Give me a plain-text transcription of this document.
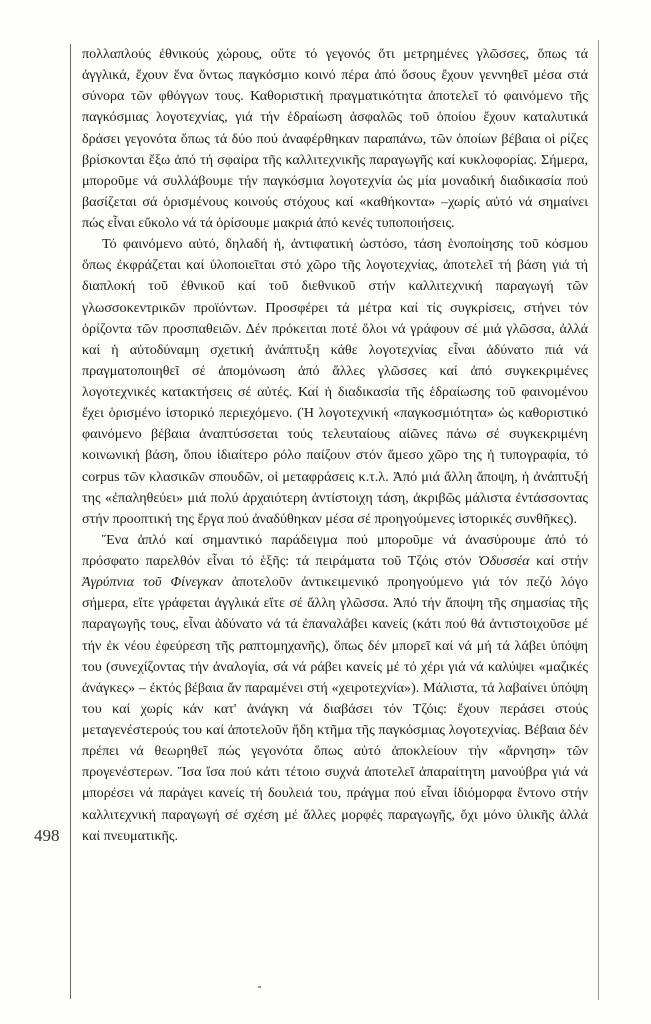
498

πολλαπλούς ἐθνικούς χώρους, οὔτε τό γεγονός ὅτι μετρημένες γλῶσσες, ὅπως τά ἀγγλικά, ἔχουν ἕνα ὄντως παγκόσμιο κοινό πέρα ἀπό ὅσους ἔχουν γεννηθεῖ μέσα στά σύνορα τῶν φθόγγων τους. Καθοριστική πραγματικότητα ἀποτελεῖ τό φαινόμενο τῆς παγκόσμιας λογοτεχνίας, γιά τήν ἑδραίωση ἀσφαλῶς τοῦ ὁποίου ἔχουν καταλυτικά δράσει γεγονότα ὅπως τά δύο πού ἀναφέρθηκαν παραπάνω, τῶν ὁποίων βέβαια οἱ ρίζες βρίσκονται ἔξω ἀπό τή σφαίρα τῆς καλλιτεχνικῆς παραγωγῆς καί κυκλοφορίας. Σήμερα, μποροῦμε νά συλλάβουμε τήν παγκόσμια λογοτεχνία ὡς μία μοναδική διαδικασία πού βασίζεται σά ὁρισμένους κοινούς στόχους καί «καθήκοντα» –χωρίς αὐτό νά σημαίνει πώς εἶναι εὔκολο νά τά ὁρίσουμε μακριά ἀπό κενές τυποποιήσεις.

Τό φαινόμενο αὐτό, δηλαδή ἡ, ἀντιφατική ὡστόσο, τάση ἑνοποίησης τοῦ κόσμου ὅπως ἐκφράζεται καί ὑλοποιεῖται στό χῶρο τῆς λογοτεχνίας, ἀποτελεῖ τή βάση γιά τή διαπλοκή τοῦ ἐθνικοῦ καί τοῦ διεθνικοῦ στήν καλλιτεχνική παραγωγή τῶν γλωσσοκεντρικῶν προϊόντων. Προσφέρει τά μέτρα καί τίς συγκρίσεις, στήνει τόν ὁρίζοντα τῶν προσπαθειῶν. Δέν πρόκειται ποτέ ὅλοι νά γράφουν σέ μιά γλῶσσα, ἀλλά καί ἡ αὐτοδύναμη σχετική ἀνάπτυξη κάθε λογοτεχνίας εἶναι ἀδύνατο πιά νά πραγματοποιηθεῖ σέ ἀπομόνωση ἀπό ἄλλες γλῶσσες καί ἀπό συγκεκριμένες λογοτεχνικές κατακτήσεις σέ αὐτές. Καί ἡ διαδικασία τῆς ἑδραίωσης τοῦ φαινομένου ἔχει ὁρισμένο ἱστορικό περιεχόμενο. (Ἡ λογοτεχνική «παγκοσμιότητα» ὡς καθοριστικό φαινόμενο βέβαια ἀναπτύσσεται τούς τελευταίους αἰῶνες πάνω σέ συγκεκριμένη κοινωνική βάση, ὅπου ἰδιαίτερο ρόλο παίζουν στόν ἄμεσο χῶρο της ἡ τυπογραφία, τό corpus τῶν κλασικῶν σπουδῶν, οἱ μεταφράσεις κ.τ.λ. Ἀπό μιά ἄλλη ἄποψη, ἡ ἀνάπτυξή της «ἐπαληθεύει» μιά πολύ ἀρχαιότερη ἀντίστοιχη τάση, ἀκριβῶς μάλιστα ἐντάσσοντας στήν προοπτική της ἔργα πού ἀναδύθηκαν μέσα σέ προηγούμενες ἱστορικές συνθῆκες).

Ἕνα ἁπλό καί σημαντικό παράδειγμα πού μποροῦμε νά ἀνασύρουμε ἀπό τό πρόσφατο παρελθόν εἶναι τό ἑξῆς: τά πειράματα τοῦ Τζόις στόν Ὀδυσσέα καί στήν Ἀγρύπνια τοῦ Φίνεγκαν ἀποτελοῦν ἀντικειμενικό προηγούμενο γιά τόν πεζό λόγο σήμερα, εἴτε γράφεται ἀγγλικά εἴτε σέ ἄλλη γλῶσσα. Ἀπό τήν ἄποψη τῆς σημασίας τῆς παραγωγῆς τους, εἶναι ἀδύνατο νά τά ἐπαναλάβει κανείς (κάτι πού θά ἀντιστοιχοῦσε μέ τήν ἐκ νέου ἐφεύρεση τῆς ραπτομηχανῆς), ὅπως δέν μπορεῖ καί νά μή τά λάβει ὑπόψη του (συνεχίζοντας τήν ἀναλογία, σά νά ράβει κανείς μέ τό χέρι γιά νά καλύψει «μαζικές ἀνάγκες» – ἐκτός βέβαια ἄν παραμένει στή «χειροτεχνία»). Μάλιστα, τά λαβαίνει ὑπόψη του καί χωρίς κάν κατ' ἀνάγκη νά διαβάσει τόν Τζόις: ἔχουν περάσει στούς μεταγενέστερούς του καί ἀποτελοῦν ἤδη κτῆμα τῆς παγκόσμιας λογοτεχνίας. Βέβαια δέν πρέπει νά θεωρηθεῖ πώς γεγονότα ὅπως αὐτό ἀποκλείουν τήν «ἄρνηση» τῶν προγενέστερων. Ἴσα ἴσα πού κάτι τέτοιο συχνά ἀποτελεῖ ἀπαραίτητη μανούβρα γιά νά μπορέσει νά παράγει κανείς τή δουλειά του, πράγμα πού εἶναι ἰδιόμορφα ἔντονο στήν καλλιτεχνική παραγωγή σέ σχέση μέ ἄλλες μορφές παραγωγῆς, ὄχι μόνο ὑλικῆς ἀλλά καί πνευματικῆς.
